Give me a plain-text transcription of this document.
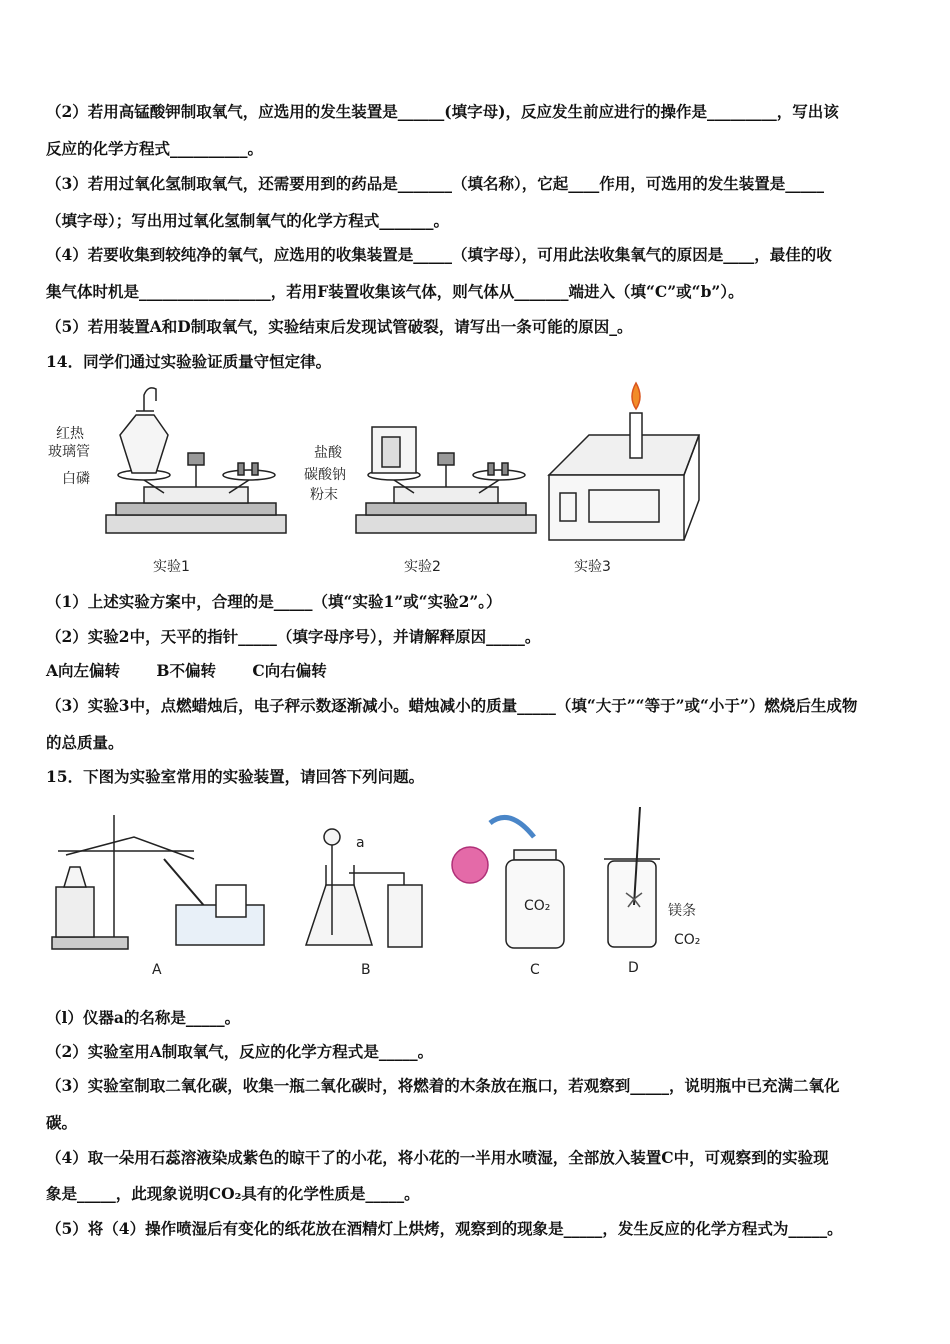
（2）若用高锰酸钾制取氧气，应选用的发生装置是______(填字母)，反应发生前应进行的操作是_________，写出该
反应的化学方程式__________。
（3）若用过氧化氢制取氧气，还需要用到的药品是_______（填名称），它起____作用，可选用的发生装置是_____
（填字母）；写出用过氧化氢制氧气的化学方程式_______。
（4）若要收集到较纯净的氧气，应选用的收集装置是_____（填字母），可用此法收集氧气的原因是____，最佳的收
集气体时机是_________________，若用F装置收集该气体，则气体从_______端进入（填“C”或“b”）。
（5）若用装置A和D制取氧气，实验结束后发现试管破裂，请写出一条可能的原因_。
14．同学们通过实验验证质量守恒定律。
红热
玻璃管
白磷
盐酸
碳酸钠
粉末
实验1	实验2	实验3
（1）上述实验方案中，合理的是_____（填“实验1”或“实验2”。）
（2）实验2中，天平的指针_____（填字母序号），并请解释原因_____。
A向左偏转　　 B不偏转　　 C向右偏转
（3）实验3中，点燃蜡烛后，电子秤示数逐渐减小。蜡烛减小的质量_____（填“大于”“等于”或“小于”）燃烧后生成物
的总质量。
15．下图为实验室常用的实验装置，请回答下列问题。
a
CO₂	镁条
CO₂
A	B	C	D
（l）仪器a的名称是_____。
（2）实验室用A制取氧气，反应的化学方程式是_____。
（3）实验室制取二氧化碳，收集一瓶二氧化碳时，将燃着的木条放在瓶口，若观察到_____，说明瓶中已充满二氧化
碳。
（4）取一朵用石蕊溶液染成紫色的晾干了的小花，将小花的一半用水喷湿，全部放入装置C中，可观察到的实验现
象是_____，此现象说明CO₂具有的化学性质是_____。
（5）将（4）操作喷湿后有变化的纸花放在酒精灯上烘烤，观察到的现象是_____，发生反应的化学方程式为_____。
